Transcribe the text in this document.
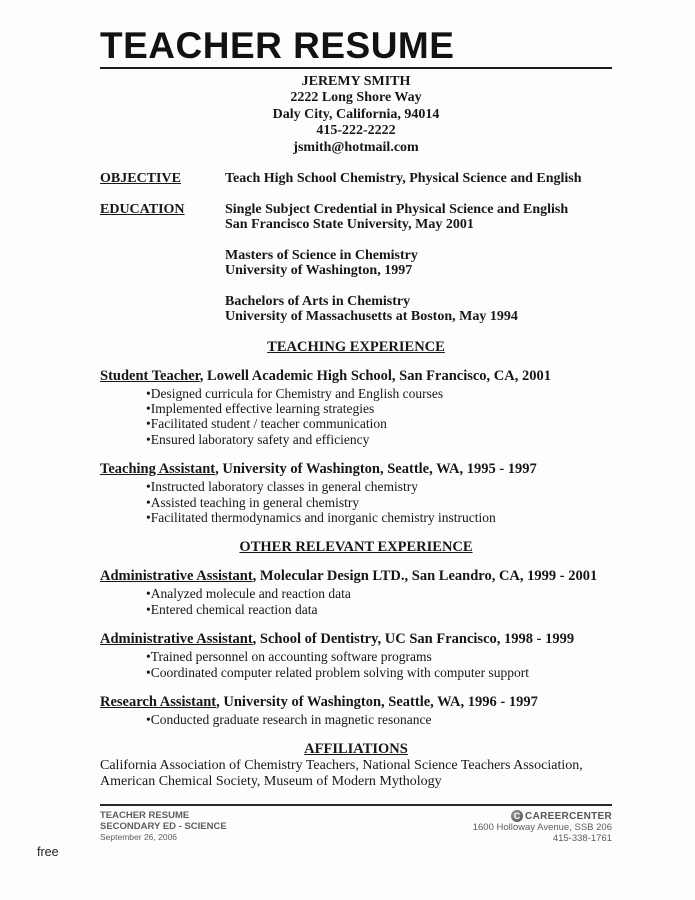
TEACHER RESUME
JEREMY SMITH
2222 Long Shore Way
Daly City, California, 94014
415-222-2222
jsmith@hotmail.com
OBJECTIVE	Teach High School Chemistry, Physical Science and English
EDUCATION	Single Subject Credential in Physical Science and English
San Francisco State University, May 2001
Masters of Science in Chemistry
University of Washington, 1997
Bachelors of Arts in Chemistry
University of Massachusetts at Boston, May 1994
TEACHING EXPERIENCE
Student Teacher, Lowell Academic High School, San Francisco, CA, 2001
• Designed curricula for Chemistry and English courses
• Implemented effective learning strategies
• Facilitated student / teacher communication
• Ensured laboratory safety and efficiency
Teaching Assistant, University of Washington, Seattle, WA, 1995 - 1997
• Instructed laboratory classes in general chemistry
• Assisted teaching in general chemistry
• Facilitated thermodynamics and inorganic chemistry instruction
OTHER RELEVANT EXPERIENCE
Administrative Assistant, Molecular Design LTD., San Leandro, CA, 1999 - 2001
• Analyzed molecule and reaction data
• Entered chemical reaction data
Administrative Assistant, School of Dentistry, UC San Francisco, 1998 - 1999
• Trained personnel on accounting software programs
• Coordinated computer related problem solving with computer support
Research Assistant, University of Washington, Seattle, WA, 1996 - 1997
• Conducted graduate research in magnetic resonance
AFFILIATIONS

California Association of Chemistry Teachers, National Science Teachers Association, American Chemical Society, Museum of Modern Mythology

TEACHER RESUME
SECONDARY ED - SCIENCE
September 26, 2006
C CAREERCENTER
1600 Holloway Avenue, SSB 206
415-338-1761
free
